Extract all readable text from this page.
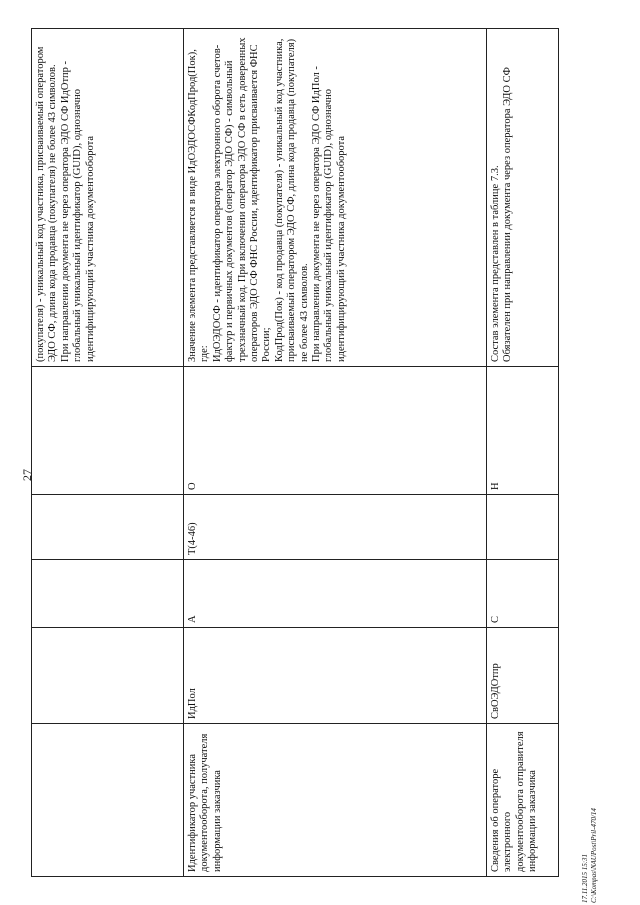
27
					(покупателя) - уникальный код участника, присваиваемый оператором ЭДО СФ, длина кода продавца (покупателя) не более 43 символов.
При направлении документа не через оператора ЭДО СФ ИдОтпр - глобальный уникальный идентификатор (GUID), однозначно идентифицирующий участника документооборота
Идентификатор участника документооборота, получателя информации заказчика	ИдПол	А	Т(4-46)	О	Значение элемента представляется в виде ИдОЭДОСФКодПрод(Пок), где:
ИдОЭДОСФ - идентификатор оператора электронного оборота счетов-фактур и первичных документов (оператор ЭДО СФ) - символьный трехзначный код. При включении оператора ЭДО СФ в сеть доверенных операторов ЭДО СФ ФНС России, идентификатор присваивается ФНС России;
КодПрод(Пок) - код продавца (покупателя) - уникальный код участника, присваиваемый оператором ЭДО СФ, длина кода продавца (покупателя) не более 43 символов.
При направлении документа не через оператора ЭДО СФ ИдПол - глобальный уникальный идентификатор (GUID), однозначно идентифицирующий участника документооборота
Сведения об операторе электронного документооборота отправителя информации заказчика	СвОЭДОтпр	С		Н	Состав элемента представлен в таблице 7.3.
Обязателен при направлении документа через оператора ЭДО СФ
17.11.2015 15:31 C:\Kompas\NAUPost\Pril-470/14
